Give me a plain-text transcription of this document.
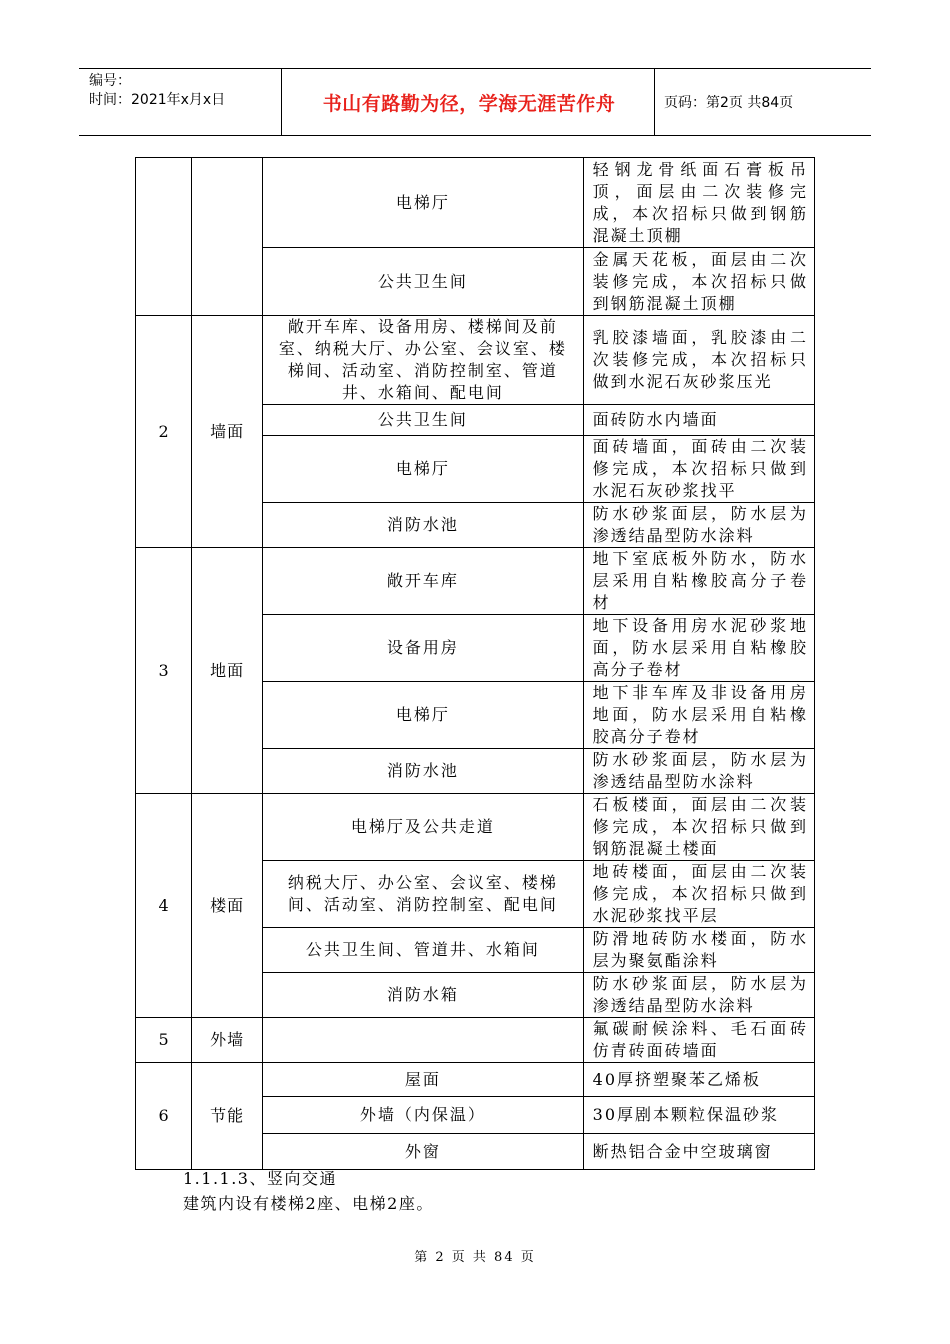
编号：
时间：2021年x月x日	书山有路勤为径，学海无涯苦作舟	页码：第2页 共84页
		电梯厅	轻钢龙骨纸面石膏板吊顶，面层由二次装修完成，本次招标只做到钢筋混凝土顶棚
		公共卫生间	金属天花板，面层由二次装修完成，本次招标只做到钢筋混凝土顶棚
2	墙面	敞开车库、设备用房、楼梯间及前室、纳税大厅、办公室、会议室、楼梯间、活动室、消防控制室、管道井、水箱间、配电间	乳胶漆墙面，乳胶漆由二次装修完成，本次招标只做到水泥石灰砂浆压光
		公共卫生间	面砖防水内墙面
		电梯厅	面砖墙面，面砖由二次装修完成，本次招标只做到水泥石灰砂浆找平
		消防水池	防水砂浆面层，防水层为渗透结晶型防水涂料
3	地面	敞开车库	地下室底板外防水，防水层采用自粘橡胶高分子卷材
		设备用房	地下设备用房水泥砂浆地面，防水层采用自粘橡胶高分子卷材
		电梯厅	地下非车库及非设备用房地面，防水层采用自粘橡胶高分子卷材
		消防水池	防水砂浆面层，防水层为渗透结晶型防水涂料
4	楼面	电梯厅及公共走道	石板楼面，面层由二次装修完成，本次招标只做到钢筋混凝土楼面
		纳税大厅、办公室、会议室、楼梯间、活动室、消防控制室、配电间	地砖楼面，面层由二次装修完成，本次招标只做到水泥砂浆找平层
		公共卫生间、管道井、水箱间	防滑地砖防水楼面，防水层为聚氨酯涂料
		消防水箱	防水砂浆面层，防水层为渗透结晶型防水涂料
5	外墙		氟碳耐候涂料、毛石面砖仿青砖面砖墙面
6	节能	屋面	40厚挤塑聚苯乙烯板
		外墙（内保温）	30厚剧本颗粒保温砂浆
		外窗	断热铝合金中空玻璃窗
1.1.1.3、竖向交通
建筑内设有楼梯2座、电梯2座。
第 2 页 共 84 页
